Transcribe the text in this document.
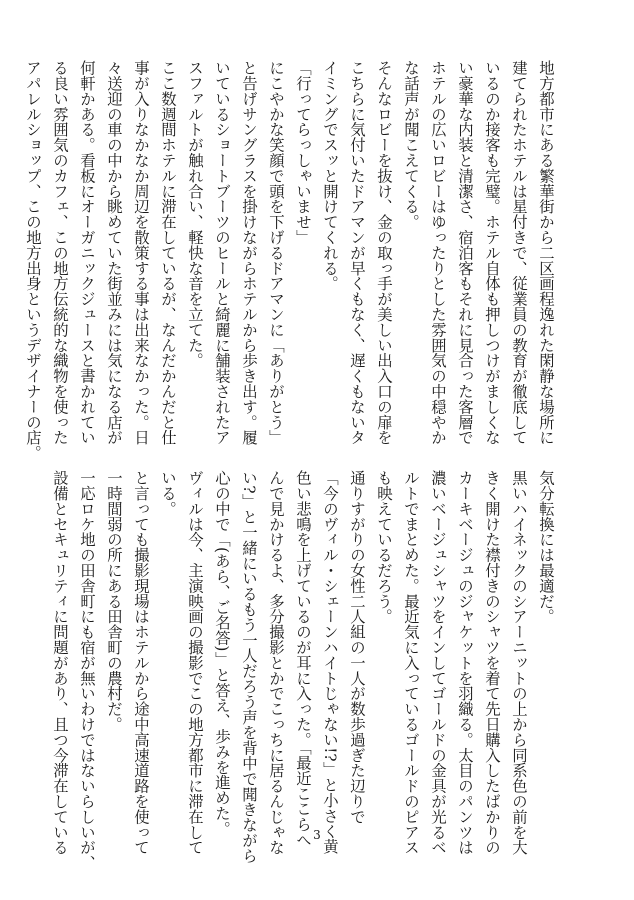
地方都市にある繁華街から二区画程逸れた閑静な場所に
建てられたホテルは星付きで、従業員の教育が徹底して
いるのか接客も完璧。ホテル自体も押しつけがましくな
い豪華な内装と清潔さ、宿泊客もそれに見合った客層で
ホテルの広いロビーはゆったりとした雰囲気の中穏やか
な話声が聞こえてくる。
そんなロビーを抜け、金の取っ手が美しい出入口の扉を
こちらに気付いたドアマンが早くもなく、遅くもないタ
イミングでスッと開けてくれる。
「行ってらっしゃいませ」
にこやかな笑顔で頭を下げるドアマンに「ありがとう」
と告げサングラスを掛けながらホテルから歩き出す。履
いているショートブーツのヒールと綺麗に舗装されたア
スファルトが触れ合い、軽快な音を立てた。
ここ数週間ホテルに滞在しているが、なんだかんだと仕
事が入りなかなか周辺を散策する事は出来なかった。日
々送迎の車の中から眺めていた街並みには気になる店が
何軒かある。看板にオーガニックジュースと書かれてい
る良い雰囲気のカフェ、この地方伝統的な織物を使った
アパレルショップ、この地方出身というデザイナーの店。
気分転換には最適だ。
黒いハイネックのシアーニットの上から同系色の前を大
きく開けた襟付きのシャツを着て先日購入したばかりの
カーキベージュのジャケットを羽織る。太目のパンツは
濃いベージュシャツをインしてゴールドの金具が光るベ
ルトでまとめた。最近気に入っているゴールドのピアス
も映えているだろう。
通りすがりの女性二人組の一人が数歩過ぎた辺りで
「今のヴィル・シェーンハイトじゃない!?」と小さく黄
色い悲鳴を上げているのが耳に入った。「最近ここらへ
んで見かけるよ、多分撮影とかでこっちに居るんじゃな
い?」と一緒にいるもう一人だろう声を背中で聞きながら
心の中で「(あら、ご名答)」と答え、歩みを進めた。
ヴィルは今、主演映画の撮影でこの地方都市に滞在して
いる。
と言っても撮影現場はホテルから途中高速道路を使って
一時間弱の所にある田舎町の農村だ。
一応ロケ地の田舎町にも宿が無いわけではないらしいが、
設備とセキュリティに問題があり、且つ今滞在している	3
